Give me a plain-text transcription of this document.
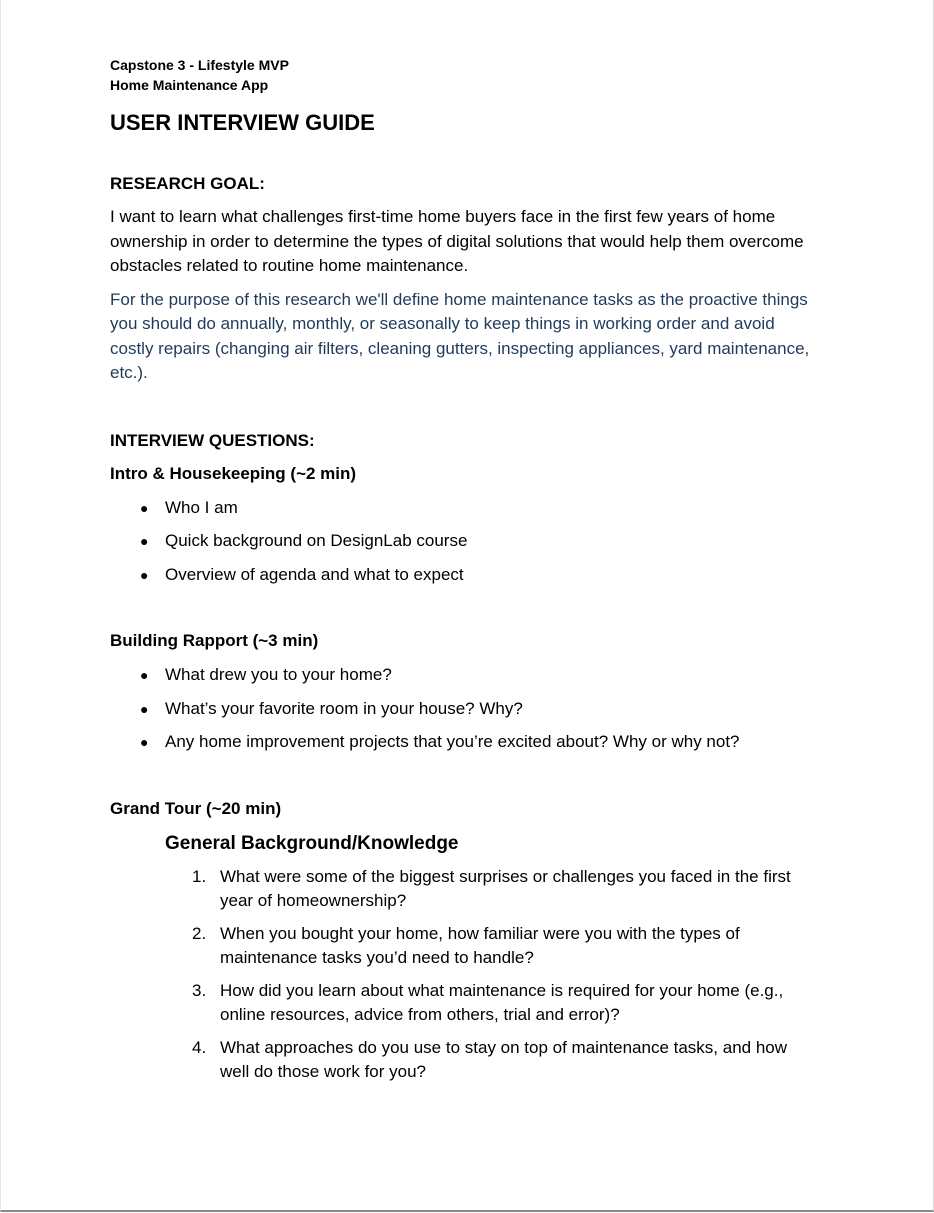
Capstone 3 - Lifestyle MVP

Home Maintenance App

USER INTERVIEW GUIDE
RESEARCH GOAL:

I want to learn what challenges first-time home buyers face in the first few years of home ownership in order to determine the types of digital solutions that would help them overcome obstacles related to routine home maintenance.

For the purpose of this research we'll define home maintenance tasks as the proactive things you should do annually, monthly, or seasonally to keep things in working order and avoid costly repairs (changing air filters, cleaning gutters, inspecting appliances, yard maintenance, etc.).

INTERVIEW QUESTIONS:
Intro & Housekeeping (~2 min)
● Who I am
● Quick background on DesignLab course
● Overview of agenda and what to expect
Building Rapport (~3 min)
● What drew you to your home?
● What’s your favorite room in your house? Why?
● Any home improvement projects that you’re excited about? Why or why not?
Grand Tour (~20 min)
General Background/Knowledge
1. What were some of the biggest surprises or challenges you faced in the first year of homeownership?
2. When you bought your home, how familiar were you with the types of maintenance tasks you’d need to handle?
3. How did you learn about what maintenance is required for your home (e.g., online resources, advice from others, trial and error)?
4. What approaches do you use to stay on top of maintenance tasks, and how well do those work for you?
